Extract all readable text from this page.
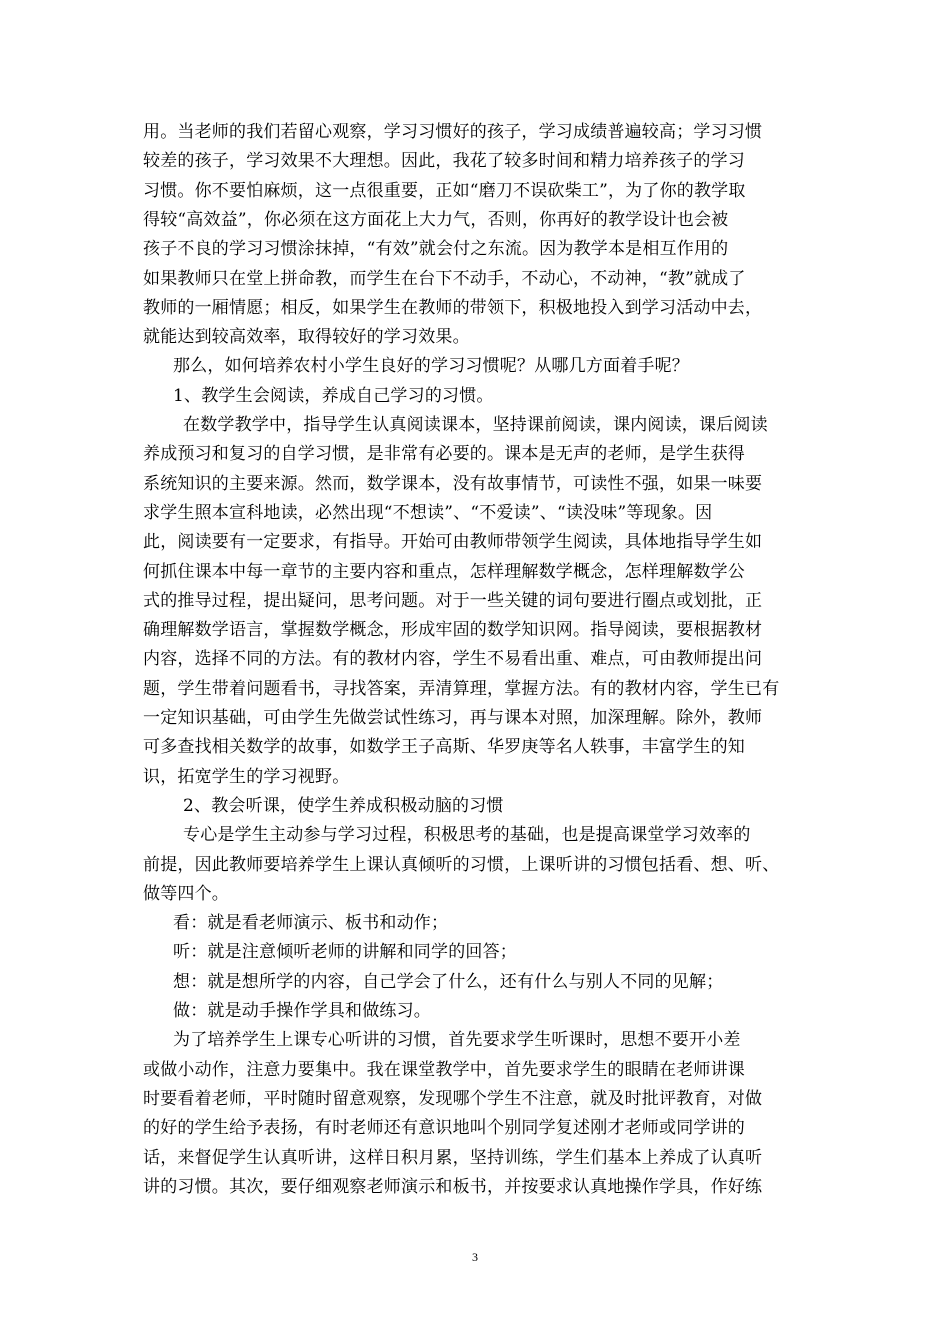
用。当老师的我们若留心观察，学习习惯好的孩子，学习成绩普遍较高；学习习惯
较差的孩子，学习效果不大理想。因此，我花了较多时间和精力培养孩子的学习
习惯。你不要怕麻烦，这一点很重要，正如“磨刀不误砍柴工”，为了你的教学取
得较“高效益”，你必须在这方面花上大力气，否则，你再好的教学设计也会被
孩子不良的学习习惯涂抹掉，“有效”就会付之东流。因为教学本是相互作用的
如果教师只在堂上拼命教，而学生在台下不动手，不动心，不动神，“教”就成了
教师的一厢情愿；相反，如果学生在教师的带领下，积极地投入到学习活动中去，
就能达到较高效率，取得较好的学习效果。
那么，如何培养农村小学生良好的学习习惯呢？从哪几方面着手呢？
1、教学生会阅读，养成自己学习的习惯。
在数学教学中，指导学生认真阅读课本，坚持课前阅读，课内阅读，课后阅读
养成预习和复习的自学习惯，是非常有必要的。课本是无声的老师，是学生获得
系统知识的主要来源。然而，数学课本，没有故事情节，可读性不强，如果一味要
求学生照本宣科地读，必然出现“不想读”、“不爱读”、“读没味”等现象。因
此，阅读要有一定要求，有指导。开始可由教师带领学生阅读，具体地指导学生如
何抓住课本中每一章节的主要内容和重点，怎样理解数学概念，怎样理解数学公
式的推导过程，提出疑问，思考问题。对于一些关键的词句要进行圈点或划批，正
确理解数学语言，掌握数学概念，形成牢固的数学知识网。指导阅读，要根据教材
内容，选择不同的方法。有的教材内容，学生不易看出重、难点，可由教师提出问
题，学生带着问题看书，寻找答案，弄清算理，掌握方法。有的教材内容，学生已有
一定知识基础，可由学生先做尝试性练习，再与课本对照，加深理解。除外，教师
可多查找相关数学的故事，如数学王子高斯、华罗庚等名人轶事，丰富学生的知
识，拓宽学生的学习视野。
2、教会听课，使学生养成积极动脑的习惯
专心是学生主动参与学习过程，积极思考的基础，也是提高课堂学习效率的
前提，因此教师要培养学生上课认真倾听的习惯，上课听讲的习惯包括看、想、听、
做等四个。
看：就是看老师演示、板书和动作；
听：就是注意倾听老师的讲解和同学的回答；
想：就是想所学的内容，自己学会了什么，还有什么与别人不同的见解；
做：就是动手操作学具和做练习。
为了培养学生上课专心听讲的习惯，首先要求学生听课时，思想不要开小差
或做小动作，注意力要集中。我在课堂教学中，首先要求学生的眼睛在老师讲课
时要看着老师，平时随时留意观察，发现哪个学生不注意，就及时批评教育，对做
的好的学生给予表扬，有时老师还有意识地叫个别同学复述刚才老师或同学讲的
话，来督促学生认真听讲，这样日积月累，坚持训练，学生们基本上养成了认真听
讲的习惯。其次，要仔细观察老师演示和板书，并按要求认真地操作学具，作好练
3
